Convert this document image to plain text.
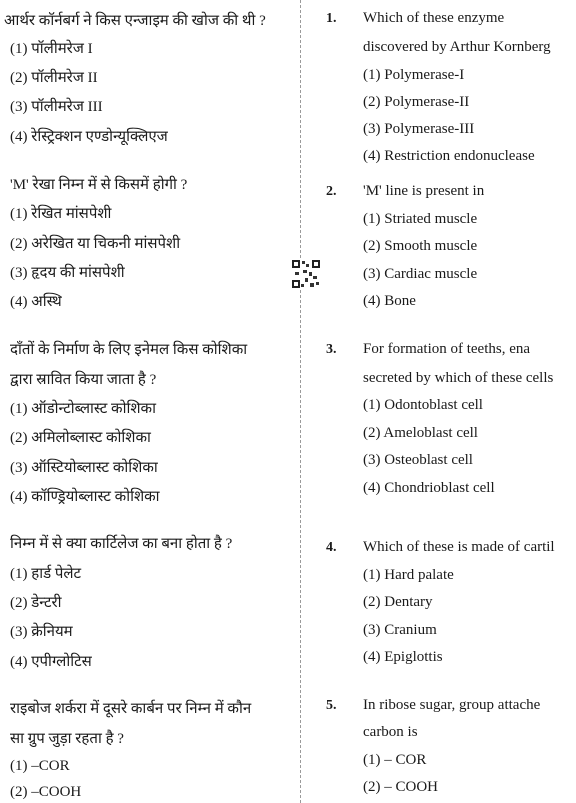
आर्थर कॉर्नबर्ग ने किस एन्जाइम की खोज की थी ?
(1) पॉलीमरेज I
(2) पॉलीमरेज II
(3) पॉलीमरेज III
(4) रेस्ट्रिक्शन एण्डोन्यूक्लिएज
'M' रेखा निम्न में से किसमें होगी ?
(1) रेखित मांसपेशी
(2) अरेखित या चिकनी मांसपेशी
(3) हृदय की मांसपेशी
(4) अस्थि
दाँतों के निर्माण के लिए इनेमल किस कोशिका
द्वारा स्रावित किया जाता है ?
(1) ऑडोन्टोब्लास्ट कोशिका
(2) अमिलोब्लास्ट कोशिका
(3) ऑस्टियोब्लास्ट कोशिका
(4) कॉण्ड्रियोब्लास्ट कोशिका
निम्न में से क्या कार्टिलेज का बना होता है ?
(1) हार्ड पेलेट
(2) डेन्टरी
(3) क्रेनियम
(4) एपीग्लोटिस
राइबोज शर्करा में दूसरे कार्बन पर निम्न में कौन
सा ग्रुप जुड़ा रहता है ?
(1) –COR
(2) –COOH
1. Which of these enzyme
discovered by Arthur Kornberg
(1) Polymerase-I
(2) Polymerase-II
(3) Polymerase-III
(4) Restriction endonuclease
2. 'M' line is present in
(1) Striated muscle
(2) Smooth muscle
(3) Cardiac muscle
(4) Bone
3. For formation of teeths, ena
secreted by which of these cells
(1) Odontoblast cell
(2) Ameloblast cell
(3) Osteoblast cell
(4) Chondrioblast cell
4. Which of these is made of cartil
(1) Hard palate
(2) Dentary
(3) Cranium
(4) Epiglottis
5. In ribose sugar, group attache
carbon is
(1) – COR
(2) – COOH
